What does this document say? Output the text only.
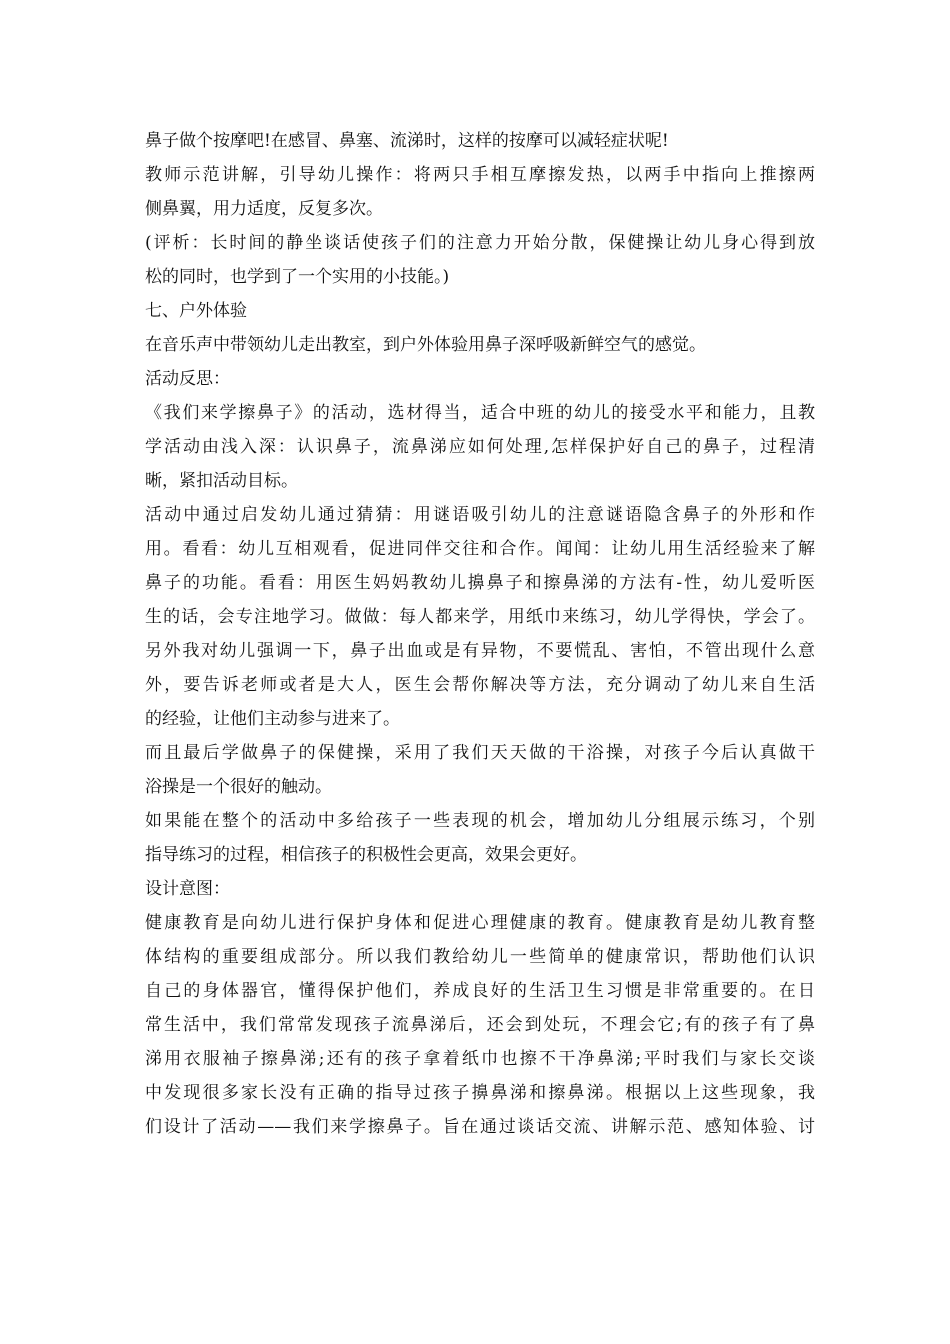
鼻子做个按摩吧!在感冒、鼻塞、流涕时，这样的按摩可以减轻症状呢!
教师示范讲解，引导幼儿操作：将两只手相互摩擦发热，以两手中指向上推擦两
侧鼻翼，用力适度，反复多次。
(评析：长时间的静坐谈话使孩子们的注意力开始分散，保健操让幼儿身心得到放
松的同时，也学到了一个实用的小技能。)
七、户外体验
在音乐声中带领幼儿走出教室，到户外体验用鼻子深呼吸新鲜空气的感觉。
活动反思：
《我们来学擦鼻子》的活动，选材得当，适合中班的幼儿的接受水平和能力，且教
学活动由浅入深：认识鼻子，流鼻涕应如何处理,怎样保护好自己的鼻子，过程清
晰，紧扣活动目标。
活动中通过启发幼儿通过猜猜：用谜语吸引幼儿的注意谜语隐含鼻子的外形和作
用。看看：幼儿互相观看，促进同伴交往和合作。闻闻：让幼儿用生活经验来了解
鼻子的功能。看看：用医生妈妈教幼儿擤鼻子和擦鼻涕的方法有-性，幼儿爱听医
生的话，会专注地学习。做做：每人都来学，用纸巾来练习，幼儿学得快，学会了。
另外我对幼儿强调一下，鼻子出血或是有异物，不要慌乱、害怕，不管出现什么意
外，要告诉老师或者是大人，医生会帮你解决等方法，充分调动了幼儿来自生活
的经验，让他们主动参与进来了。
而且最后学做鼻子的保健操，采用了我们天天做的干浴操，对孩子今后认真做干
浴操是一个很好的触动。
如果能在整个的活动中多给孩子一些表现的机会，增加幼儿分组展示练习，个别
指导练习的过程，相信孩子的积极性会更高，效果会更好。
设计意图：
健康教育是向幼儿进行保护身体和促进心理健康的教育。健康教育是幼儿教育整
体结构的重要组成部分。所以我们教给幼儿一些简单的健康常识，帮助他们认识
自己的身体器官，懂得保护他们，养成良好的生活卫生习惯是非常重要的。在日
常生活中，我们常常发现孩子流鼻涕后，还会到处玩，不理会它;有的孩子有了鼻
涕用衣服袖子擦鼻涕;还有的孩子拿着纸巾也擦不干净鼻涕;平时我们与家长交谈
中发现很多家长没有正确的指导过孩子擤鼻涕和擦鼻涕。根据以上这些现象，我
们设计了活动——我们来学擦鼻子。旨在通过谈话交流、讲解示范、感知体验、讨
